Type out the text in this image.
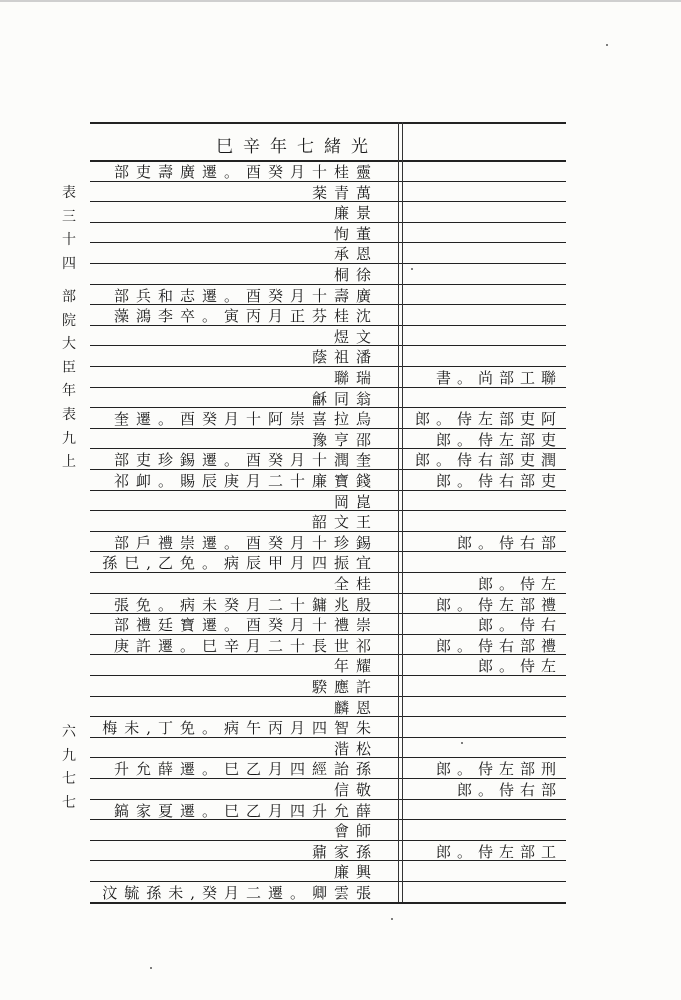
表
三
十
四
部
院
大
臣
年
表
九
上
六
九
七
七
巳辛年七緒光
部吏壽廣遷。酉癸月十桂靈
棻青萬
廉景
恂董
承恩
桐徐
部兵和志遷。酉癸月十壽廣
藻鴻李卒。寅丙月正芬桂沈
煜文
蔭祖潘
聯瑞	書。尚部工聯
龢同翁
奎遷。酉癸月十阿崇喜拉烏 郎。侍左部吏阿
豫亨邵	郎。侍左部吏
部吏珍錫遷。酉癸月十潤奎 郎。侍右部吏潤
祁卹。賜辰庚月二十廉寶錢	郎。侍右部吏
岡崑
韶文王
部戶禮崇遷。酉癸月十珍錫	郎。侍右部
孫巳,乙免。病辰甲月四振宜
全桂	郎。侍左
張免。病未癸月二十鏞兆殷	郎。侍左部禮
部禮廷寶遷。酉癸月十禮崇	郎。侍右
庚許遷。巳辛月二十長世祁	郎。侍右部禮
年耀	郎。侍左
騤應許
麟恩
梅未,丁免。病午丙月四智朱
湝松
升允薛遷。巳乙月四經詒孫	郎。侍左部刑
信敬	郎。侍右部
鎬家夏遷。巳乙月四升允薛
會師
鼐家孫	郎。侍左部工
廉興
汶毓孫未,癸月二遷。卿雲張
